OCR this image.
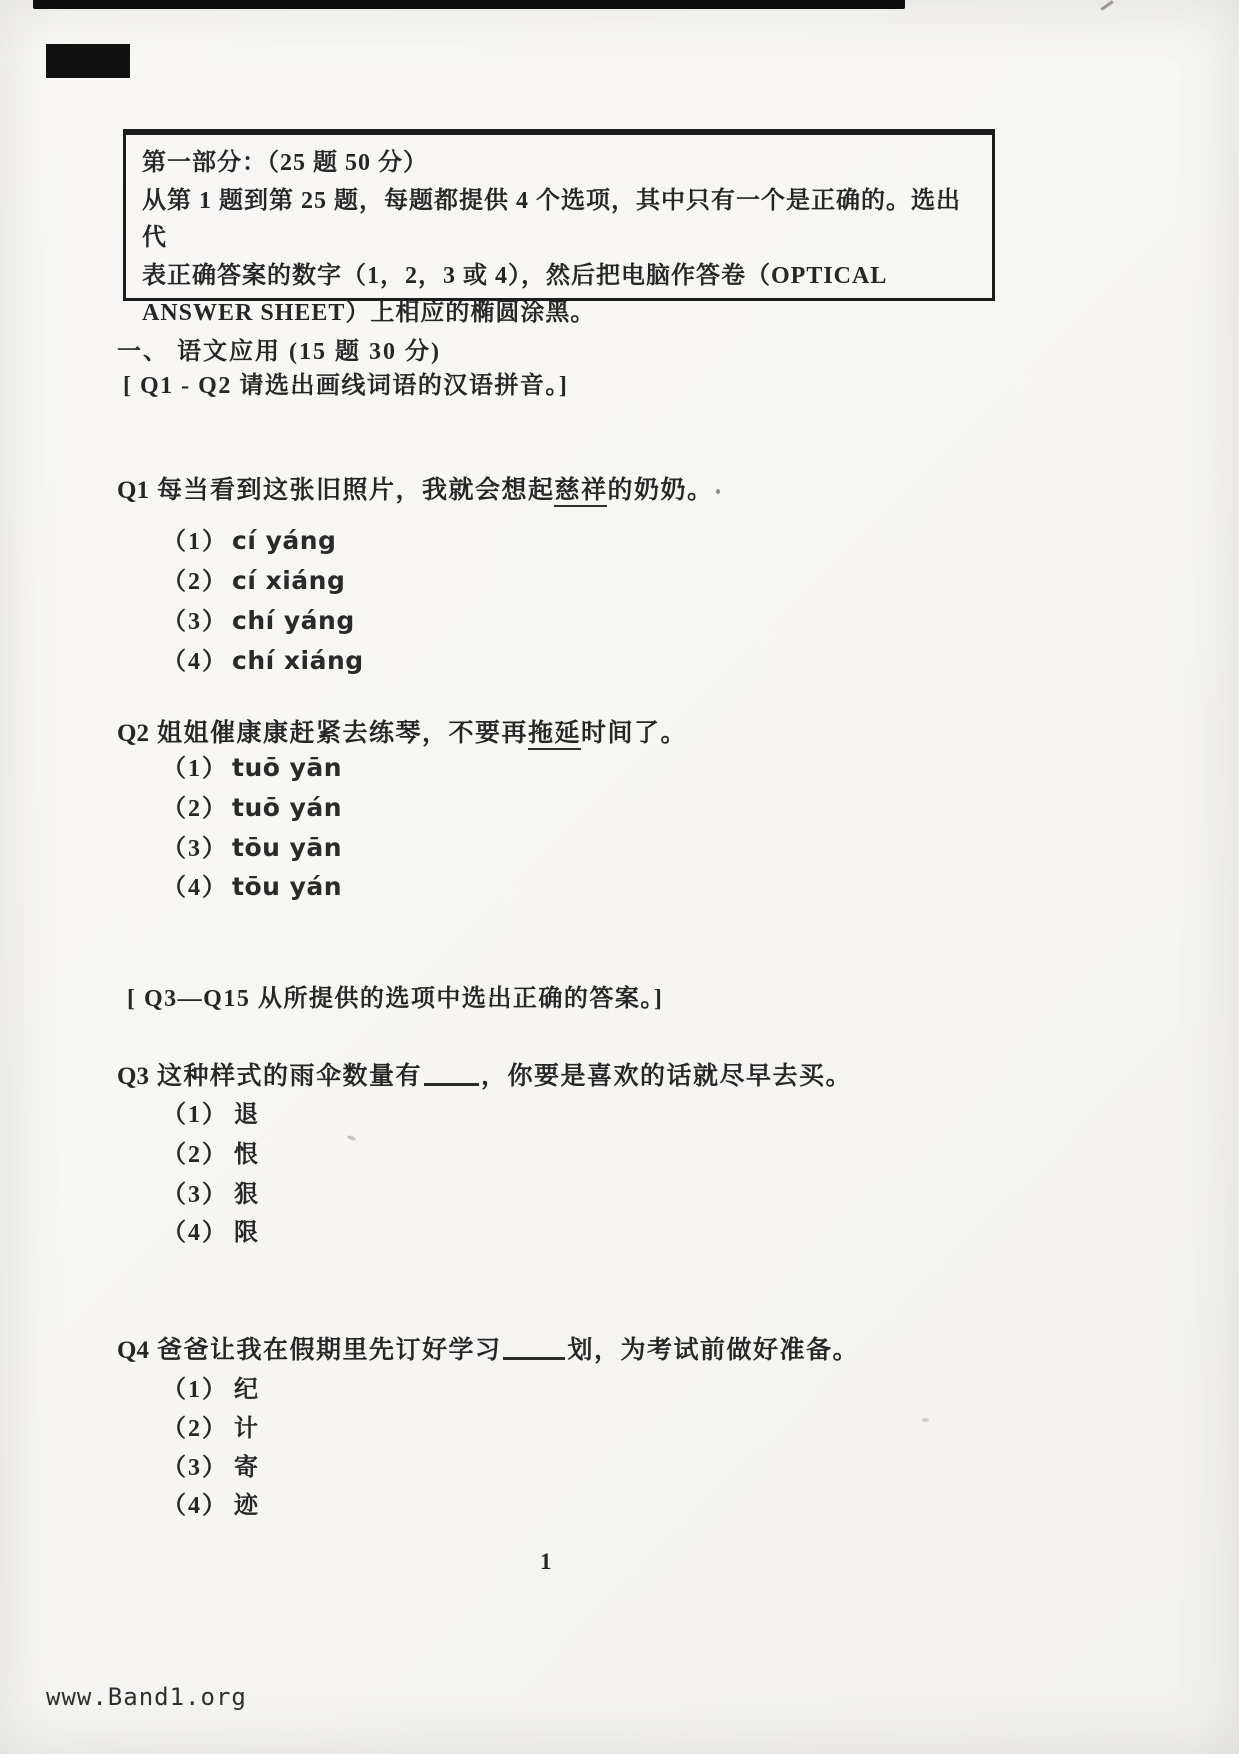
第一部分：（25 题 50 分）
从第 1 题到第 25 题，每题都提供 4 个选项，其中只有一个是正确的。选出代
表正确答案的数字（1，2，3 或 4），然后把电脑作答卷（OPTICAL
ANSWER SHEET）上相应的椭圆涂黑。
一、 语文应用 (15 题 30 分)
[ Q1 - Q2 请选出画线词语的汉语拼音。]
Q1 每当看到这张旧照片，我就会想起慈祥的奶奶。
（1） cí yáng
（2） cí xiáng
（3） chí yáng
（4） chí xiáng
Q2 姐姐催康康赶紧去练琴，不要再拖延时间了。
（1） tuō yān
（2） tuō yán
（3） tōu yān
（4） tōu yán
[ Q3—Q15 从所提供的选项中选出正确的答案。]
Q3 这种样式的雨伞数量有 ，你要是喜欢的话就尽早去买。
（1） 退
（2） 恨
（3） 狠
（4） 限
Q4 爸爸让我在假期里先订好学习	划，为考试前做好准备。
（1） 纪
（2） 计
（3） 寄
（4） 迹
1
www.Band1.org
